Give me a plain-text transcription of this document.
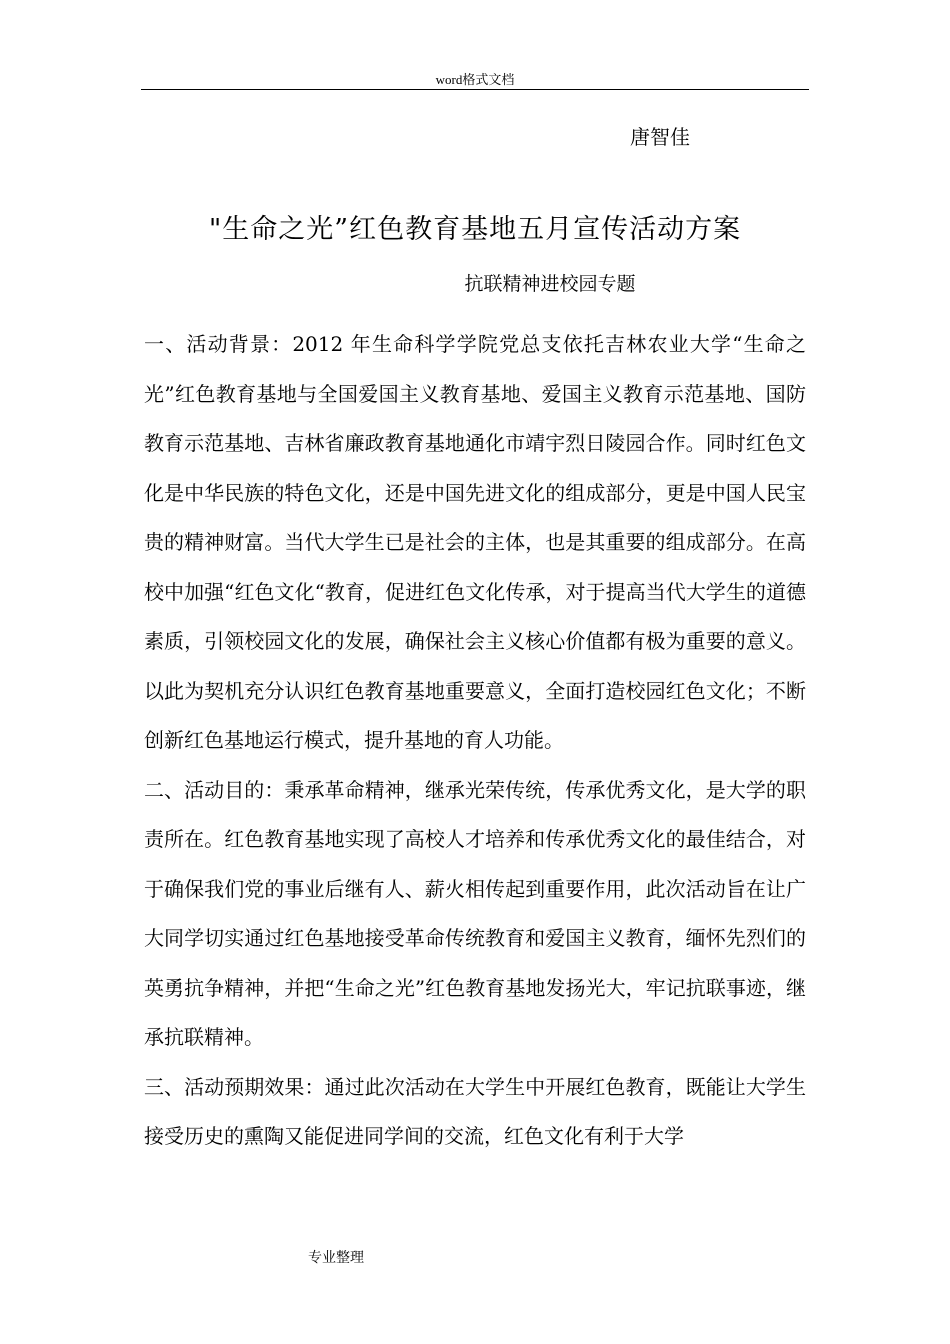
word格式文档
唐智佳
"生命之光”红色教育基地五月宣传活动方案
抗联精神进校园专题

一、活动背景：2012 年生命科学学院党总支依托吉林农业大学“生命之光”红色教育基地与全国爱国主义教育基地、爱国主义教育示范基地、国防教育示范基地、吉林省廉政教育基地通化市靖宇烈日陵园合作。同时红色文化是中华民族的特色文化，还是中国先进文化的组成部分，更是中国人民宝贵的精神财富。当代大学生已是社会的主体，也是其重要的组成部分。在高校中加强“红色文化“教育，促进红色文化传承，对于提高当代大学生的道德素质，引领校园文化的发展，确保社会主义核心价值都有极为重要的意义。以此为契机充分认识红色教育基地重要意义，全面打造校园红色文化；不断创新红色基地运行模式，提升基地的育人功能。

二、活动目的：秉承革命精神，继承光荣传统，传承优秀文化，是大学的职责所在。红色教育基地实现了高校人才培养和传承优秀文化的最佳结合，对于确保我们党的事业后继有人、薪火相传起到重要作用，此次活动旨在让广大同学切实通过红色基地接受革命传统教育和爱国主义教育，缅怀先烈们的英勇抗争精神，并把“生命之光”红色教育基地发扬光大，牢记抗联事迹，继承抗联精神。

三、活动预期效果：通过此次活动在大学生中开展红色教育，既能让大学生接受历史的熏陶又能促进同学间的交流，红色文化有利于大学

专业整理
